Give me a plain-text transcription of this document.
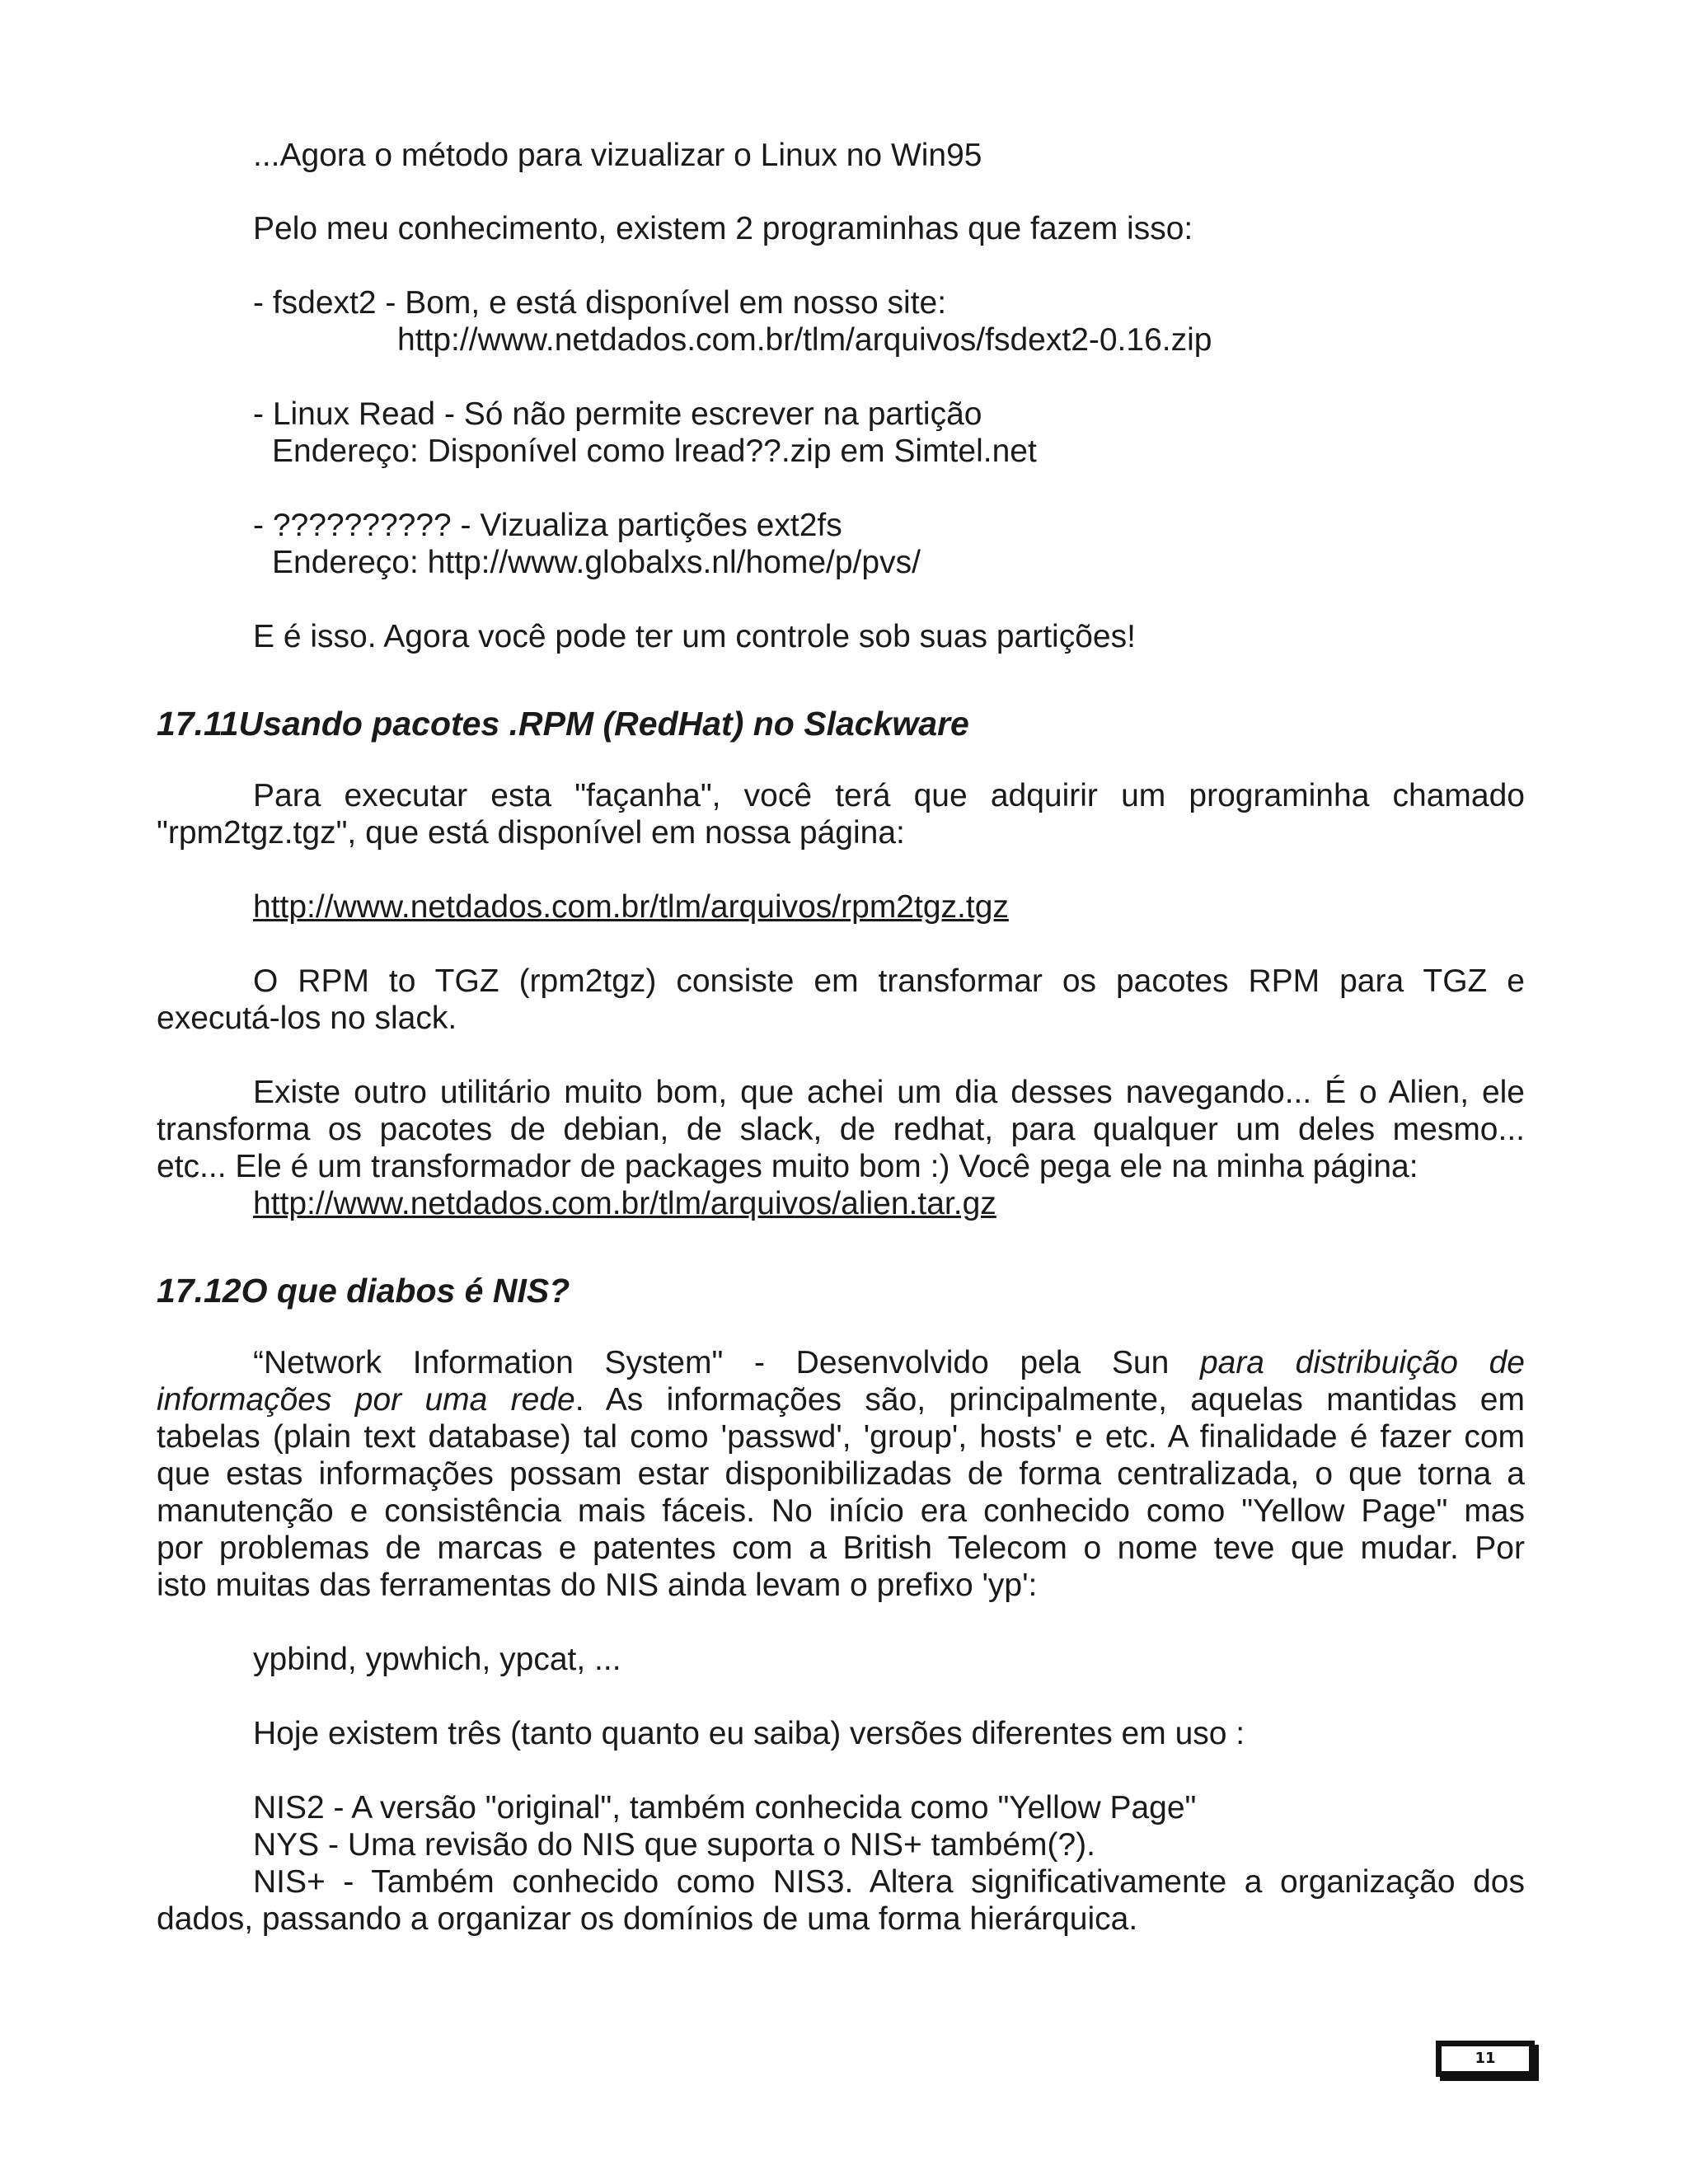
...Agora o método para vizualizar o Linux no Win95
Pelo meu conhecimento, existem 2 programinhas que fazem isso:
- fsdext2 - Bom, e está disponível em nosso site:
http://www.netdados.com.br/tlm/arquivos/fsdext2-0.16.zip
- Linux Read - Só não permite escrever na partição
Endereço: Disponível como lread??.zip em Simtel.net
- ?????????? - Vizualiza partições ext2fs
Endereço: http://www.globalxs.nl/home/p/pvs/
E é isso. Agora você pode ter um controle sob suas partições!
17.11Usando pacotes .RPM (RedHat) no Slackware
Para executar esta "façanha", você terá que adquirir um programinha chamado
"rpm2tgz.tgz", que está disponível em nossa página:
http://www.netdados.com.br/tlm/arquivos/rpm2tgz.tgz
O RPM to TGZ (rpm2tgz) consiste em transformar os pacotes RPM para TGZ e
executá-los no slack.
Existe outro utilitário muito bom, que achei um dia desses navegando... É o Alien, ele
transforma os pacotes de debian, de slack, de redhat, para qualquer um deles mesmo...
etc... Ele é um transformador de packages muito bom :) Você pega ele na minha página:
http://www.netdados.com.br/tlm/arquivos/alien.tar.gz
17.12O que diabos é NIS?
“Network Information System" - Desenvolvido pela Sun para distribuição de
informações por uma rede. As informações são, principalmente, aquelas mantidas em
tabelas (plain text database) tal como 'passwd', 'group', hosts' e etc. A finalidade é fazer com
que estas informações possam estar disponibilizadas de forma centralizada, o que torna a
manutenção e consistência mais fáceis. No início era conhecido como "Yellow Page" mas
por problemas de marcas e patentes com a British Telecom o nome teve que mudar. Por
isto muitas das ferramentas do NIS ainda levam o prefixo 'yp':
ypbind, ypwhich, ypcat, ...
Hoje existem três (tanto quanto eu saiba) versões diferentes em uso :
NIS2 - A versão "original", também conhecida como "Yellow Page"
NYS - Uma revisão do NIS que suporta o NIS+ também(?).
NIS+ - Também conhecido como NIS3. Altera significativamente a organização dos
dados, passando a organizar os domínios de uma forma hierárquica.
11
